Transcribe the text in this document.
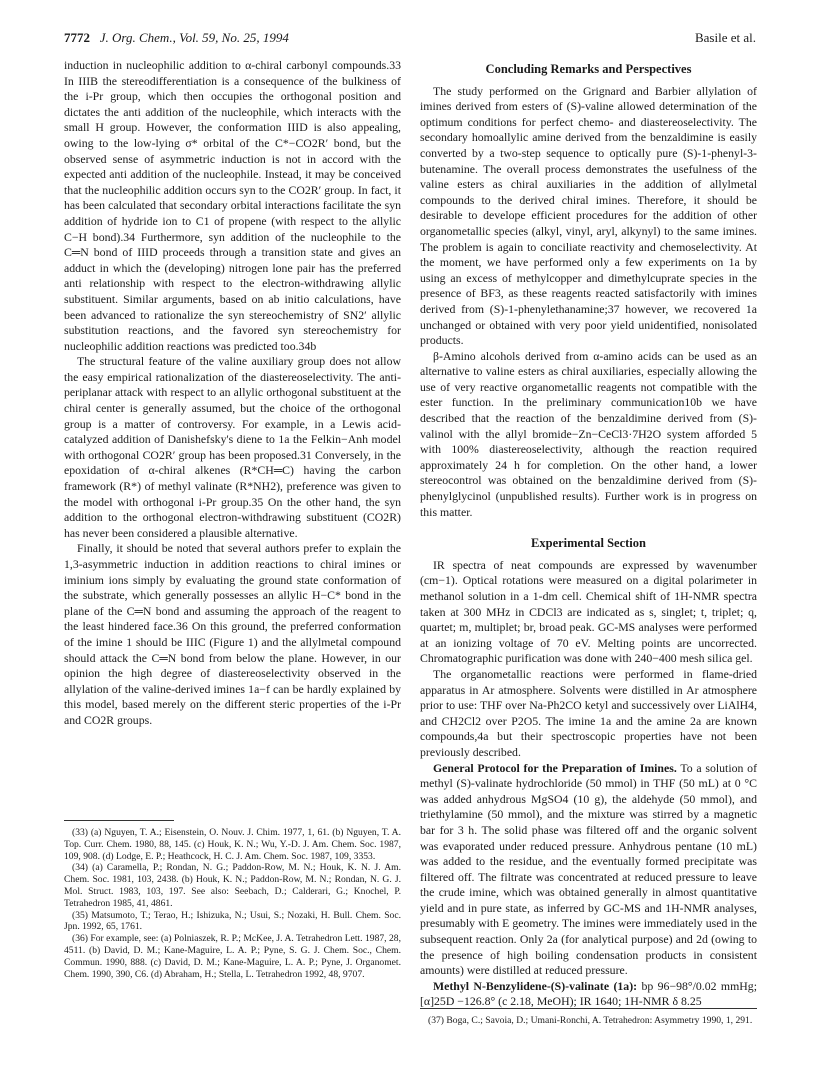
7772 J. Org. Chem., Vol. 59, No. 25, 1994	Basile et al.

induction in nucleophilic addition to α-chiral carbonyl compounds.33 In IIIB the stereodifferentiation is a consequence of the bulkiness of the i-Pr group, which then occupies the orthogonal position and dictates the anti addition of the nucleophile, which interacts with the small H group. However, the conformation IIID is also appealing, owing to the low-lying σ* orbital of the C*−CO2R′ bond, but the observed sense of asymmetric induction is not in accord with the expected anti addition of the nucleophile. Instead, it may be conceived that the nucleophilic addition occurs syn to the CO2R′ group. In fact, it has been calculated that secondary orbital interactions facilitate the syn addition of hydride ion to C1 of propene (with respect to the allylic C−H bond).34 Furthermore, syn addition of the nucleophile to the C═N bond of IIID proceeds through a transition state and gives an adduct in which the (developing) nitrogen lone pair has the preferred anti relationship with respect to the electron-withdrawing allylic substituent. Similar arguments, based on ab initio calculations, have been advanced to rationalize the syn stereochemistry of SN2′ allylic substitution reactions, and the favored syn stereochemistry for nucleophilic addition reactions was predicted too.34b

The structural feature of the valine auxiliary group does not allow the easy empirical rationalization of the diastereoselectivity. The anti-periplanar attack with respect to an allylic orthogonal substituent at the chiral center is generally assumed, but the choice of the orthogonal group is a matter of controversy. For example, in a Lewis acid-catalyzed addition of Danishefsky's diene to 1a the Felkin−Anh model with orthogonal CO2R′ group has been proposed.31 Conversely, in the epoxidation of α-chiral alkenes (R*CH═C) having the carbon framework (R*) of methyl valinate (R*NH2), preference was given to the model with orthogonal i-Pr group.35 On the other hand, the syn addition to the orthogonal electron-withdrawing substituent (CO2R) has never been considered a plausible alternative.

Finally, it should be noted that several authors prefer to explain the 1,3-asymmetric induction in addition reactions to chiral imines or iminium ions simply by evaluating the ground state conformation of the substrate, which generally possesses an allylic H−C* bond in the plane of the C═N bond and assuming the approach of the reagent to the least hindered face.36 On this ground, the preferred conformation of the imine 1 should be IIIC (Figure 1) and the allylmetal compound should attack the C═N bond from below the plane. However, in our opinion the high degree of diastereoselectivity observed in the allylation of the valine-derived imines 1a−f can be hardly explained by this model, based merely on the different steric properties of the i-Pr and CO2R groups.

(33) (a) Nguyen, T. A.; Eisenstein, O. Nouv. J. Chim. 1977, 1, 61. (b) Nguyen, T. A. Top. Curr. Chem. 1980, 88, 145. (c) Houk, K. N.; Wu, Y.-D. J. Am. Chem. Soc. 1987, 109, 908. (d) Lodge, E. P.; Heathcock, H. C. J. Am. Chem. Soc. 1987, 109, 3353.

(34) (a) Caramella, P.; Rondan, N. G.; Paddon-Row, M. N.; Houk, K. N. J. Am. Chem. Soc. 1981, 103, 2438. (b) Houk, K. N.; Paddon-Row, M. N.; Rondan, N. G. J. Mol. Struct. 1983, 103, 197. See also: Seebach, D.; Calderari, G.; Knochel, P. Tetrahedron 1985, 41, 4861.

(35) Matsumoto, T.; Terao, H.; Ishizuka, N.; Usui, S.; Nozaki, H. Bull. Chem. Soc. Jpn. 1992, 65, 1761.

(36) For example, see: (a) Polniaszek, R. P.; McKee, J. A. Tetrahedron Lett. 1987, 28, 4511. (b) David, D. M.; Kane-Maguire, L. A. P.; Pyne, S. G. J. Chem. Soc., Chem. Commun. 1990, 888. (c) David, D. M.; Kane-Maguire, L. A. P.; Pyne, J. Organomet. Chem. 1990, 390, C6. (d) Abraham, H.; Stella, L. Tetrahedron 1992, 48, 9707.

Concluding Remarks and Perspectives

The study performed on the Grignard and Barbier allylation of imines derived from esters of (S)-valine allowed determination of the optimum conditions for perfect chemo- and diastereoselectivity. The secondary homoallylic amine derived from the benzaldimine is easily converted by a two-step sequence to optically pure (S)-1-phenyl-3-butenamine. The overall process demonstrates the usefulness of the valine esters as chiral auxiliaries in the addition of allylmetal compounds to the derived chiral imines. Therefore, it should be desirable to develope efficient procedures for the addition of other organometallic species (alkyl, vinyl, aryl, alkynyl) to the same imines. The problem is again to conciliate reactivity and chemoselectivity. At the moment, we have performed only a few experiments on 1a by using an excess of methylcopper and dimethylcuprate species in the presence of BF3, as these reagents reacted satisfactorily with imines derived from (S)-1-phenylethanamine;37 however, we recovered 1a unchanged or obtained with very poor yield unidentified, nonisolated products.

β-Amino alcohols derived from α-amino acids can be used as an alternative to valine esters as chiral auxiliaries, especially allowing the use of very reactive organometallic reagents not compatible with the ester function. In the preliminary communication10b we have described that the reaction of the benzaldimine derived from (S)-valinol with the allyl bromide−Zn−CeCl3·7H2O system afforded 5 with 100% diastereoselectivity, although the reaction required approximately 24 h for completion. On the other hand, a lower stereocontrol was obtained on the benzaldimine derived from (S)-phenylglycinol (unpublished results). Further work is in progress on this matter.

Experimental Section

IR spectra of neat compounds are expressed by wavenumber (cm−1). Optical rotations were measured on a digital polarimeter in methanol solution in a 1-dm cell. Chemical shift of 1H-NMR spectra taken at 300 MHz in CDCl3 are indicated as s, singlet; t, triplet; q, quartet; m, multiplet; br, broad peak. GC-MS analyses were performed at an ionizing voltage of 70 eV. Melting points are uncorrected. Chromatographic purification was done with 240−400 mesh silica gel.

The organometallic reactions were performed in flame-dried apparatus in Ar atmosphere. Solvents were distilled in Ar atmosphere prior to use: THF over Na-Ph2CO ketyl and successively over LiAlH4, and CH2Cl2 over P2O5. The imine 1a and the amine 2a are known compounds,4a but their spectroscopic properties have not been previously described.

General Protocol for the Preparation of Imines. To a solution of methyl (S)-valinate hydrochloride (50 mmol) in THF (50 mL) at 0 °C was added anhydrous MgSO4 (10 g), the aldehyde (50 mmol), and triethylamine (50 mmol), and the mixture was stirred by a magnetic bar for 3 h. The solid phase was filtered off and the organic solvent was evaporated under reduced pressure. Anhydrous pentane (10 mL) was added to the residue, and the eventually formed precipitate was filtered off. The filtrate was concentrated at reduced pressure to leave the crude imine, which was obtained generally in almost quantitative yield and in pure state, as inferred by GC-MS and 1H-NMR analyses, presumably with E geometry. The imines were immediately used in the subsequent reaction. Only 2a (for analytical purpose) and 2d (owing to the presence of high boiling condensation products in consistent amounts) were distilled at reduced pressure.

Methyl N-Benzylidene-(S)-valinate (1a): bp 96−98°/0.02 mmHg; [α]25D −126.8° (c 2.18, MeOH); IR 1640; 1H-NMR δ 8.25

(37) Boga, C.; Savoia, D.; Umani-Ronchi, A. Tetrahedron: Asymmetry 1990, 1, 291.
